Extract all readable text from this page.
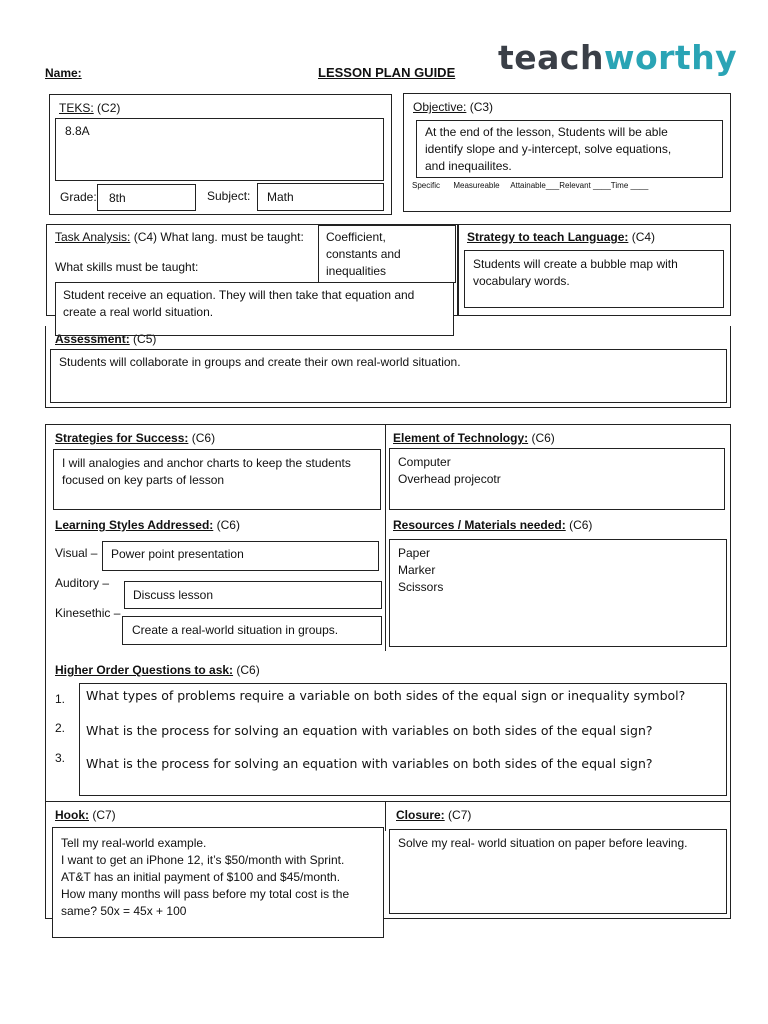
Name:	LESSON PLAN GUIDE teachworthy
TEKS: (C2)
8.8A
Grade: 8th	Subject: Math
Objective: (C3)
At the end of the lesson, Students will be able
identify slope and y-intercept, solve equations,
and inequailites.
Specific      Measureable     Attainable___Relevant ____Time ____
Task Analysis: (C4) What lang. must be taught:
What skills must be taught:
Coefficient,
constants and
inequalities
Student receive an equation. They will then take that equation and
create a real world situation.
Strategy to teach Language: (C4)
Students will create a bubble map with
vocabulary words.
Assessment: (C5)
Students will collaborate in groups and create their own real-world situation.
Strategies for Success: (C6)
I will analogies and anchor charts to keep the students
focused on key parts of lesson
Element of Technology: (C6)
Computer
Overhead projecotr
Learning Styles Addressed: (C6)
Visual – Power point presentation
Auditory –
Discuss lesson
Kinesethic –
Create a real-world situation in groups.
Resources / Materials needed: (C6)
Paper
Marker
Scissors
Higher Order Questions to ask: (C6)
1.
2.
3.
What types of problems require a variable on both sides of the equal sign or inequality symbol?
What is the process for solving an equation with variables on both sides of the equal sign?
What is the process for solving an equation with variables on both sides of the equal sign?
Hook: (C7)
Tell my real-world example.
I want to get an iPhone 12, it’s $50/month with Sprint.
AT&T has an initial payment of $100 and $45/month.
How many months will pass before my total cost is the
same? 50x = 45x + 100
Closure: (C7)
Solve my real- world situation on paper before leaving.
